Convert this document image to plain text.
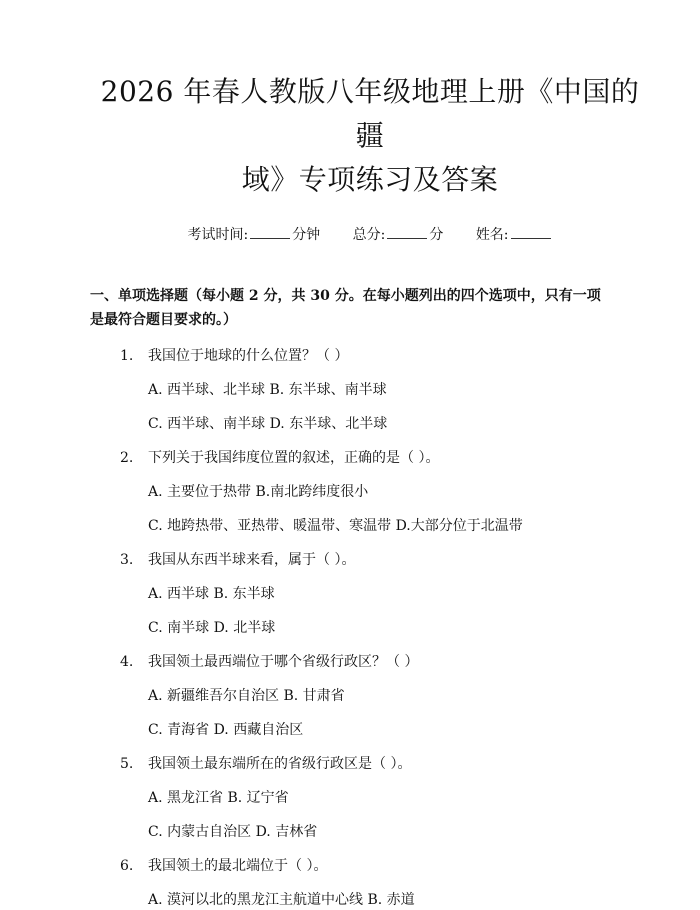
2026 年春人教版八年级地理上册《中国的疆
域》专项练习及答案
考试时间:	分钟 总分:	分 姓名:
一、单项选择题（每小题 2 分，共 30 分。在每小题列出的四个选项中，只有一项
是最符合题目要求的。）
1.	我国位于地球的什么位置？（ ）
A. 西半球、北半球 B. 东半球、南半球
C. 西半球、南半球 D. 东半球、北半球
2.	下列关于我国纬度位置的叙述，正确的是（ ）。
A. 主要位于热带 B.南北跨纬度很小
C. 地跨热带、亚热带、暖温带、寒温带 D.大部分位于北温带
3.	我国从东西半球来看，属于（ ）。
A. 西半球 B. 东半球
C. 南半球 D. 北半球
4.	我国领土最西端位于哪个省级行政区？（ ）
A. 新疆维吾尔自治区 B. 甘肃省
C. 青海省 D. 西藏自治区
5.	我国领土最东端所在的省级行政区是（ ）。
A. 黑龙江省 B. 辽宁省
C. 内蒙古自治区 D. 吉林省
6.	我国领土的最北端位于（ ）。
A. 漠河以北的黑龙江主航道中心线 B. 赤道
